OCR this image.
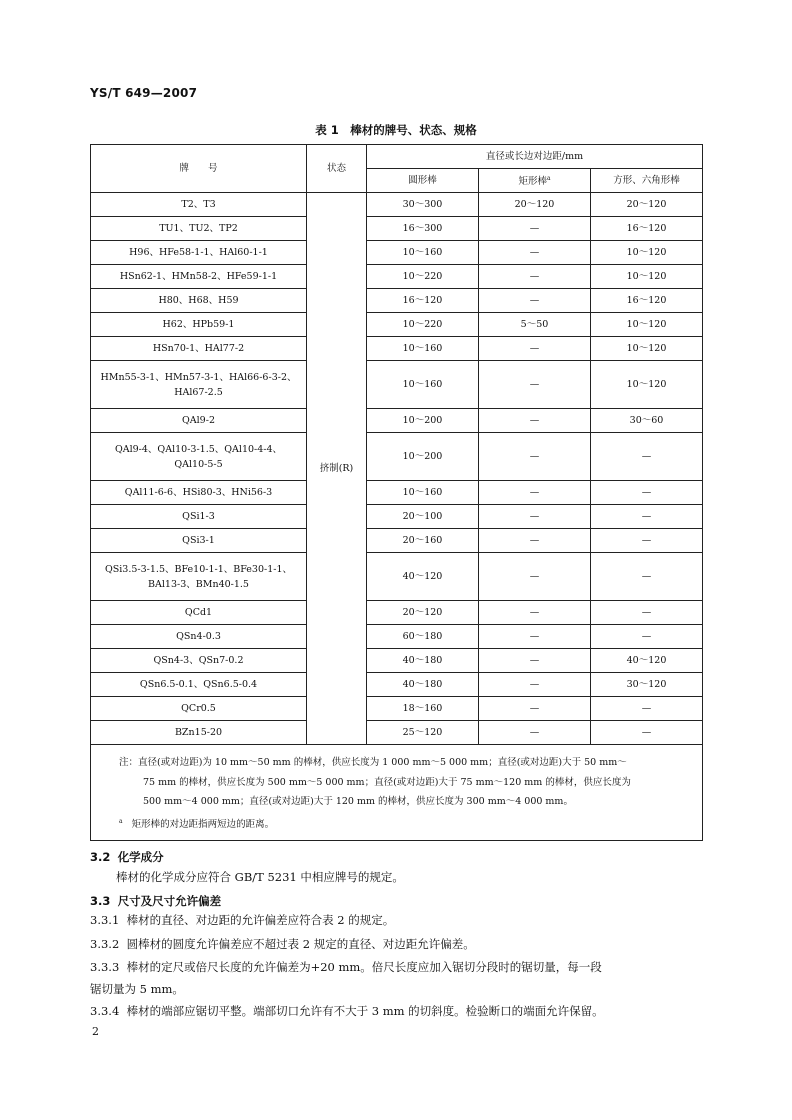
YS/T 649—2007
表 1　棒材的牌号、状态、规格
牌　　号	状态	直径或长边对边距/mm		
		圆形棒	矩形棒$^a$	方形、六角形棒
T2、T3	挤制(R)	30～300	20～120	20～120
TU1、TU2、TP2		16～300	—	16～120
H96、HFe58-1-1、HAl60-1-1		10～160	—	10～120
HSn62-1、HMn58-2、HFe59-1-1		10～220	—	10～120
H80、H68、H59		16～120	—	16～120
H62、HPb59-1		10～220	5～50	10～120
HSn70-1、HAl77-2		10～160	—	10～120

HMn55-3-1、HMn57-3-1、HAl66-6-3-2、
HAl67-2.5		10～160	—	10～120
QAl9-2		10～200	—	30～60

QAl9-4、QAl10-3-1.5、QAl10-4-4、
QAl10-5-5		10～200	—	—
QAl11-6-6、HSi80-3、HNi56-3		10～160	—	—
QSi1-3		20～100	—	—
QSi3-1		20～160	—	—

QSi3.5-3-1.5、BFe10-1-1、BFe30-1-1、
BAl13-3、BMn40-1.5		40～120	—	—
QCd1		20～120	—	—
QSn4-0.3		60～180	—	—
QSn4-3、QSn7-0.2		40～180	—	40～120
QSn6.5-0.1、QSn6.5-0.4		40～180	—	30～120
QCr0.5		18～160	—	—
BZn15-20		25～120	—	—

注：直径(或对边距)为 10 mm～50 mm 的棒材，供应长度为 1 000 mm～5 000 mm；直径(或对边距)大于 50 mm～
75 mm 的棒材，供应长度为 500 mm～5 000 mm；直径(或对边距)大于 75 mm～120 mm 的棒材，供应长度为
500 mm～4 000 mm；直径(或对边距)大于 120 mm 的棒材，供应长度为 300 mm～4 000 mm。
$^a$ 矩形棒的对边距指两短边的距离。				
3.2 化学成分
棒材的化学成分应符合 GB/T 5231 中相应牌号的规定。
3.3 尺寸及尺寸允许偏差
3.3.1 棒材的直径、对边距的允许偏差应符合表 2 的规定。
3.3.2 圆棒材的圆度允许偏差应不超过表 2 规定的直径、对边距允许偏差。
3.3.3 棒材的定尺或倍尺长度的允许偏差为+20 mm。倍尺长度应加入锯切分段时的锯切量，每一段
锯切量为 5 mm。
3.3.4 棒材的端部应锯切平整。端部切口允许有不大于 3 mm 的切斜度。检验断口的端面允许保留。
2
